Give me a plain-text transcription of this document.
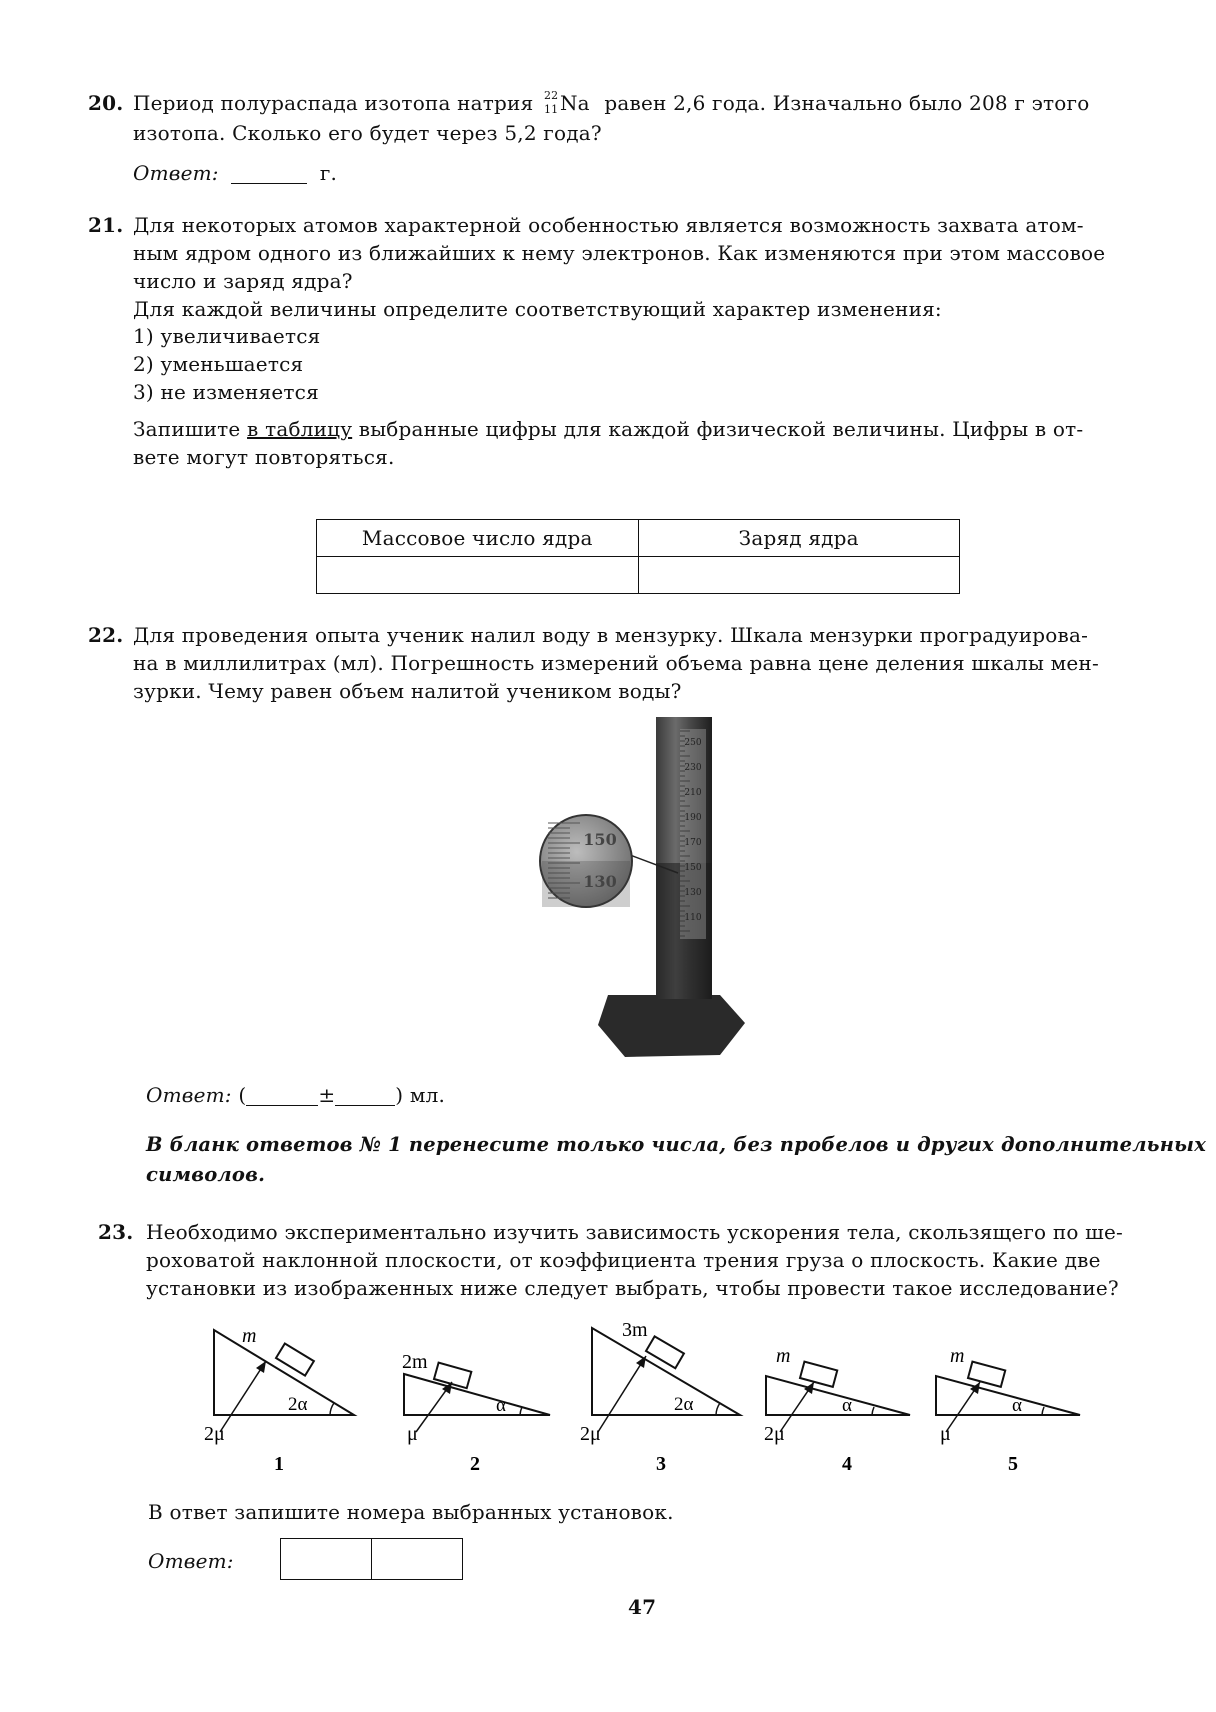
20. Период полураспада изотопа натрия 22
11 Na равен 2,6 года. Изначально было 208 г этого
изотопа. Сколько его будет через 5,2 года?
Ответ:	г.
21. Для некоторых атомов характерной особенностью является возможность захвата атом-
ным ядром одного из ближайших к нему электронов. Как изменяются при этом массовое
число и заряд ядра?
Для каждой величины определите соответствующий характер изменения:
1) увеличивается
2) уменьшается
3) не изменяется
Запишите в таблицу выбранные цифры для каждой физической величины. Цифры в от-
вете могут повторяться.
Массовое число ядра	Заряд ядра

22. Для проведения опыта ученик налил воду в мензурку. Шкала мензурки проградуирова-
на в миллилитрах (мл). Погрешность измерений объема равна цене деления шкалы мен-
зурки. Чему равен объем налитой учеником воды?
250
230
210
190
170
150
130
110
150
130
Ответ: (	±	) мл.
В бланк ответов № 1 перенесите только числа, без пробелов и других дополнительных
символов.
23. Необходимо экспериментально изучить зависимость ускорения тела, скользящего по ше-
роховатой наклонной плоскости, от коэффициента трения груза о плоскость. Какие две
установки из изображенных ниже следует выбрать, чтобы провести такое исследование?
m
2α
2μ
1
2m
α
μ
2
3m
2α
2μ
3
m
α
2μ
4
m
α
μ
5
В ответ запишите номера выбранных установок.
Ответ:

47
